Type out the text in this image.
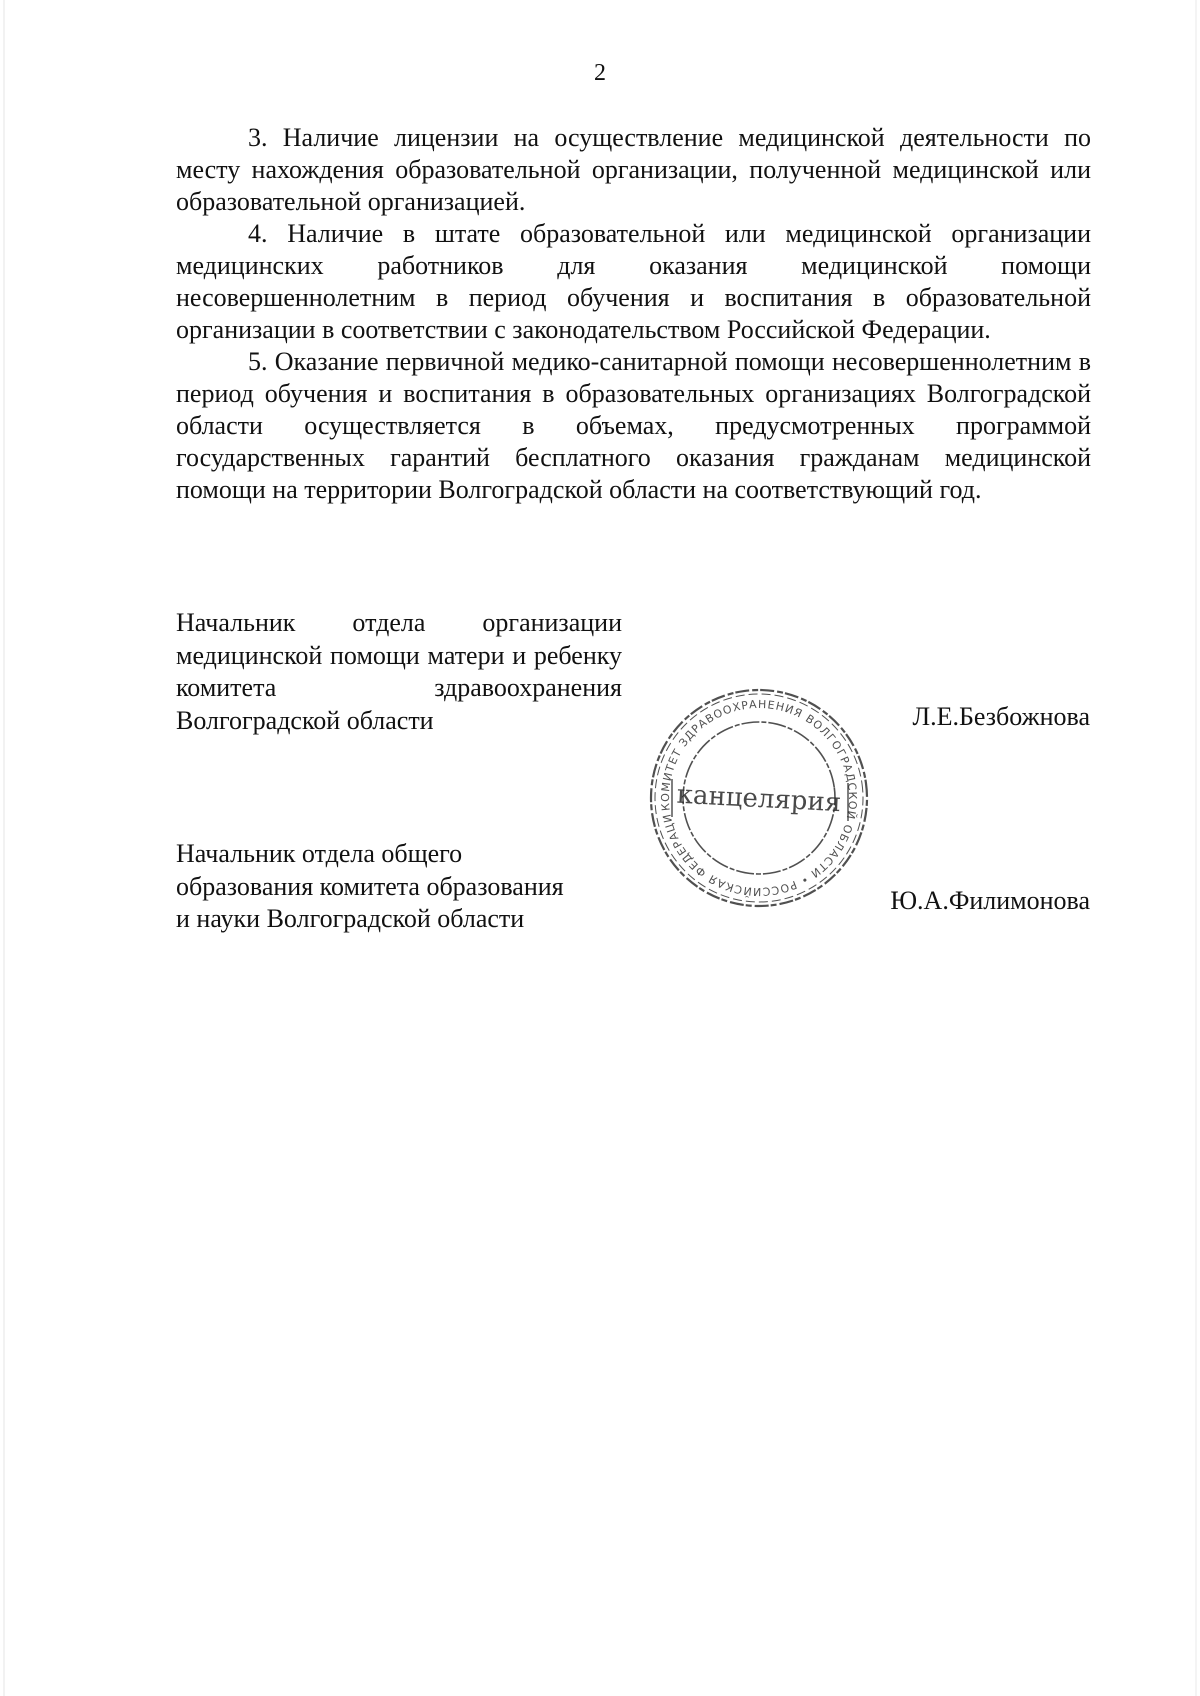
2

3. Наличие лицензии на осуществление медицинской деятельности по месту нахождения образовательной организации, полученной медицинской или образовательной организацией.

4. Наличие в штате образовательной или медицинской организации медицинских работников для оказания медицинской помощи несовершеннолетним в период обучения и воспитания в образовательной организации в соответствии с законодательством Российской Федерации.

5. Оказание первичной медико-санитарной помощи несовершеннолетним в период обучения и воспитания в образовательных организациях Волгоградской области осуществляется в объемах, предусмотренных программой государственных гарантий бесплатного оказания гражданам медицинской помощи на территории Волгоградской области на соответствующий год.

Начальник отдела организации медицинской помощи матери и ребенку комитета здравоохранения Волгоградской области	Л.Е.Безбожнова
Начальник отдела общего
образования комитета образования
и науки Волгоградской области
Ю.А.Филимонова
КОМИТЕТ ЗДРАВООХРАНЕНИЯ ВОЛГОГРАДСКОЙ ОБЛАСТИ • РОССИЙСКАЯ ФЕДЕРАЦИЯ
канцелярия
